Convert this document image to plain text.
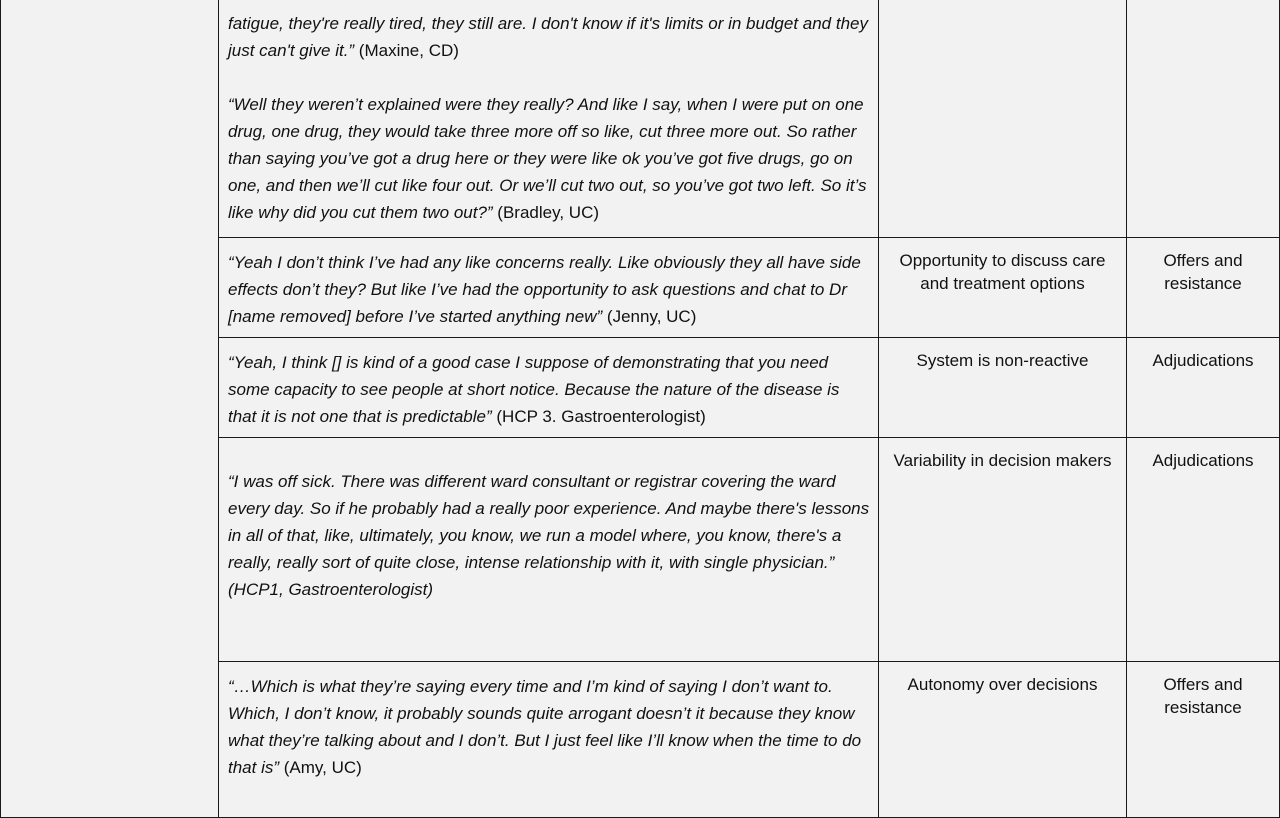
	fatigue, they're really tired, they still are. I don't know if it's limits or in budget and they just can't give it.” (Maxine, CD)
“Well they weren’t explained were they really? And like I say, when I were put on one drug, one drug, they would take three more off so like, cut three more out. So rather than saying you’ve got a drug here or they were like ok you’ve got five drugs, go on one, and then we’ll cut like four out. Or we’ll cut two out, so you’ve got two left. So it’s like why did you cut them two out?” (Bradley, UC)		

	“Yeah I don’t think I’ve had any like concerns really. Like obviously they all have side effects don’t they? But like I’ve had the opportunity to ask questions and chat to Dr [name removed] before I’ve started anything new” (Jenny, UC)	Opportunity to discuss care and treatment options	Offers and resistance

	“Yeah, I think [] is kind of a good case I suppose of demonstrating that you need some capacity to see people at short notice. Because the nature of the disease is that it is not one that is predictable” (HCP 3. Gastroenterologist)	System is non-reactive	Adjudications

	“I was off sick. There was different ward consultant or registrar covering the ward every day. So if he probably had a really poor experience. And maybe there's lessons in all of that, like, ultimately, you know, we run a model where, you know, there's a really, really sort of quite close, intense relationship with it, with single physician.” (HCP1, Gastroenterologist)	Variability in decision makers	Adjudications

	“…Which is what they’re saying every time and I’m kind of saying I don’t want to. Which, I don’t know, it probably sounds quite arrogant doesn’t it because they know what they’re talking about and I don’t. But I just feel like I’ll know when the time to do that is” (Amy, UC)	Autonomy over decisions	Offers and resistance
